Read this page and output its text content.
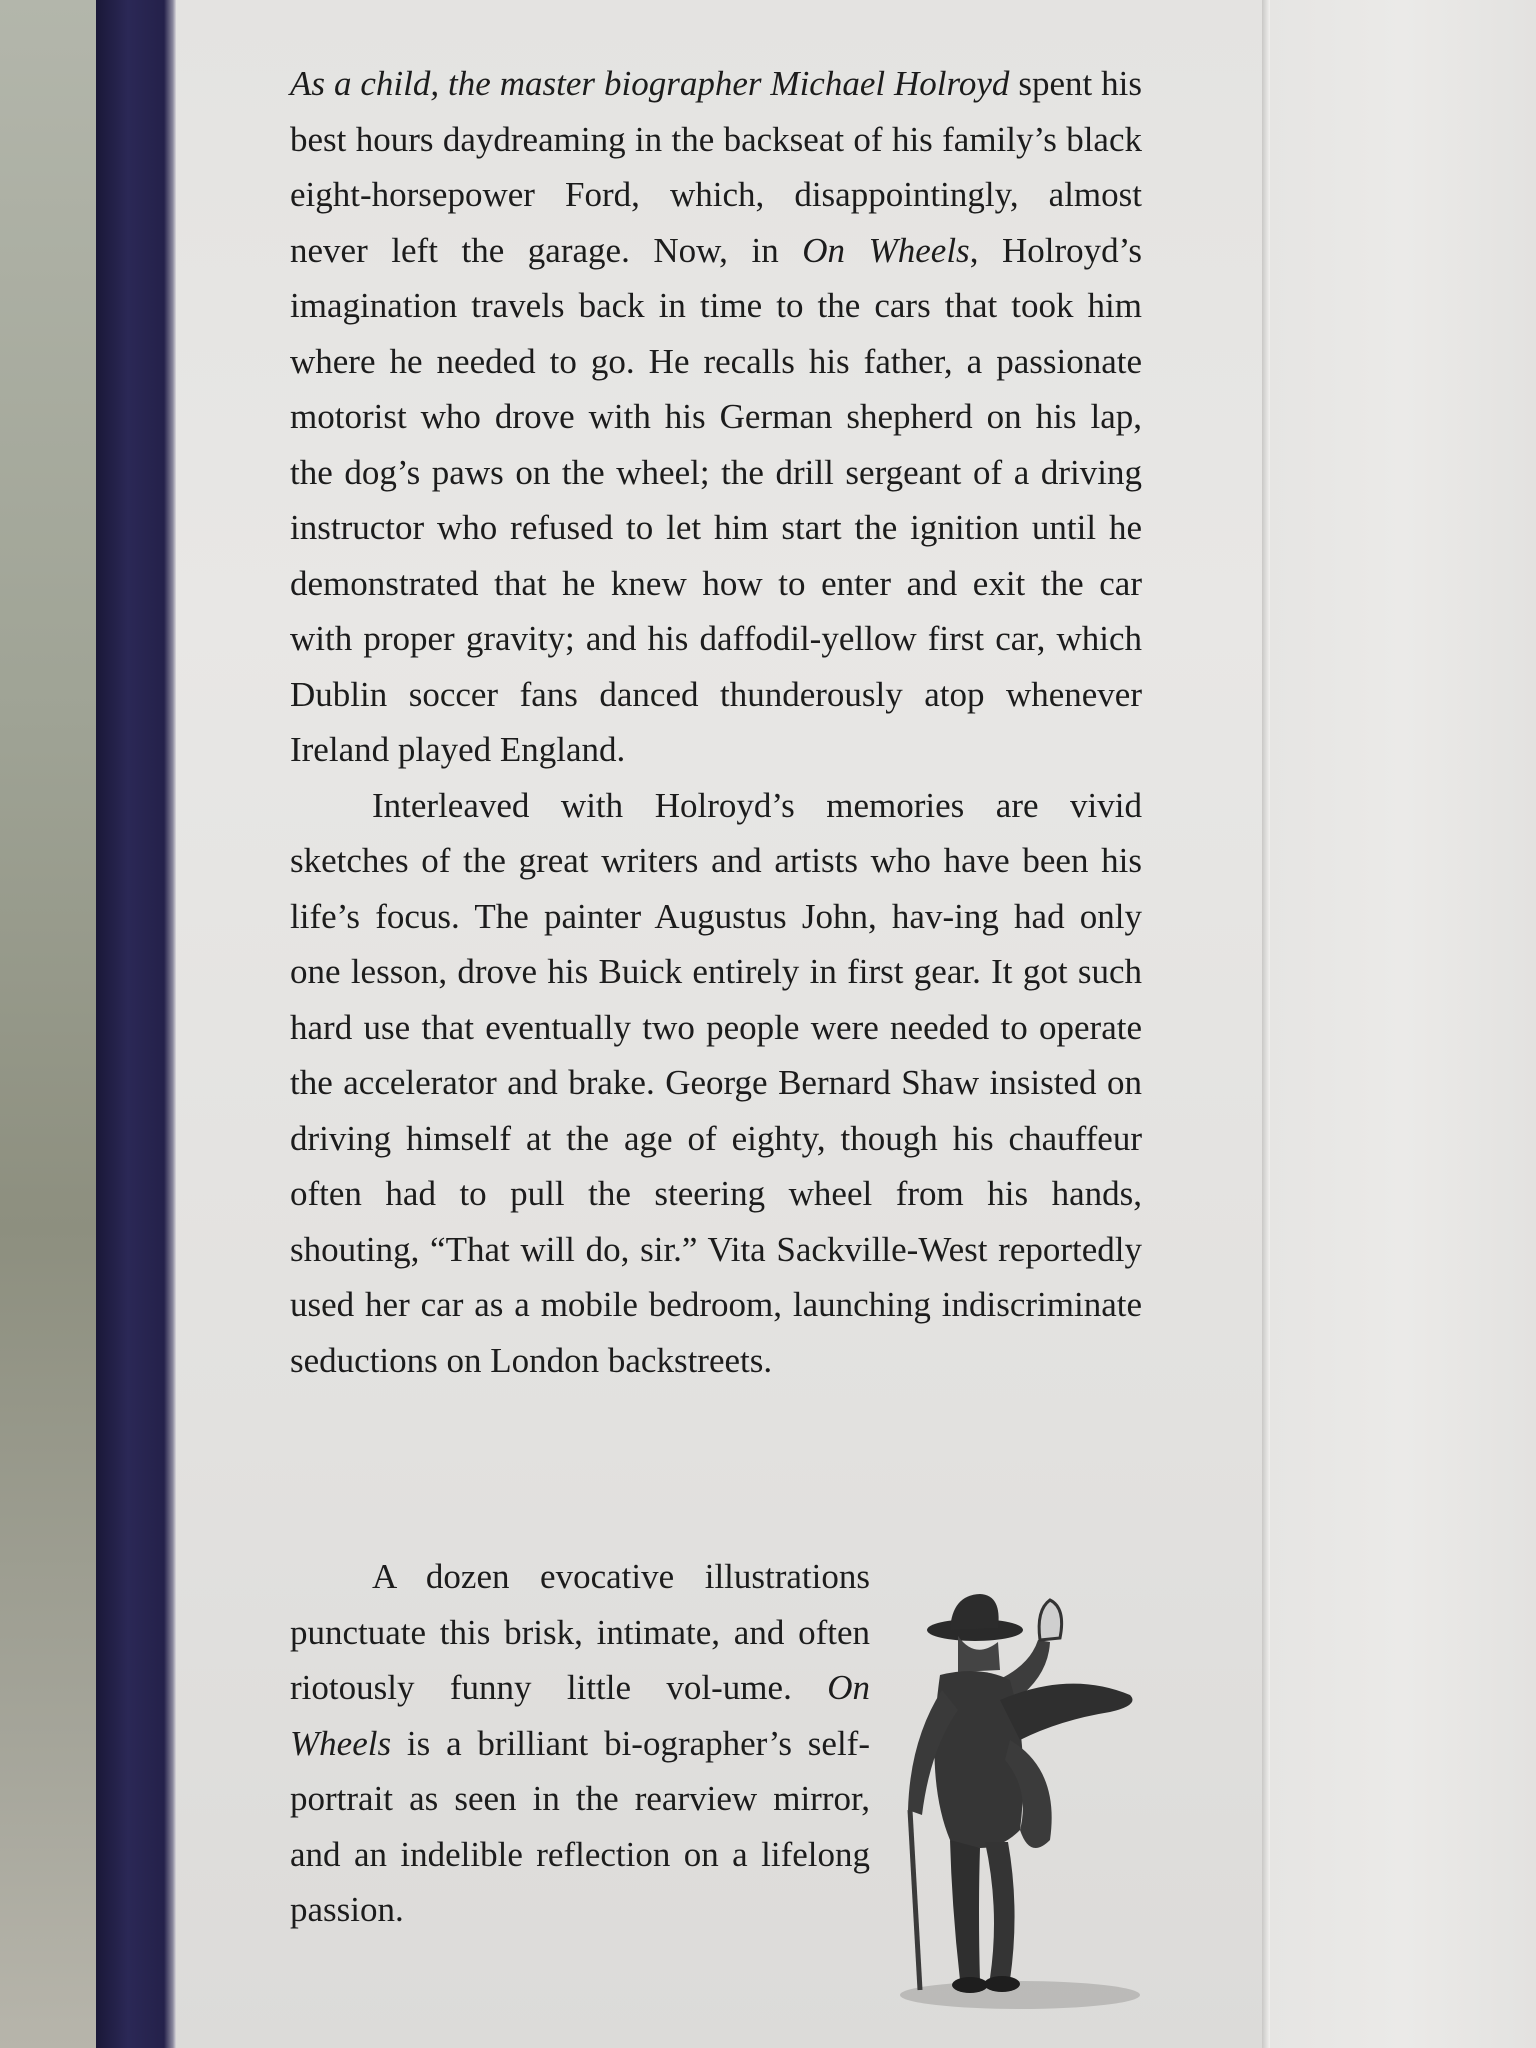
As a child, the master biographer Michael Holroyd spent his best hours daydreaming in the backseat of his family’s black eight-horsepower Ford, which, disappointingly, almost never left the garage. Now, in On Wheels, Holroyd’s imagination travels back in time to the cars that took him where he needed to go. He recalls his father, a passionate motorist who drove with his German shepherd on his lap, the dog’s paws on the wheel; the drill sergeant of a driving instructor who refused to let him start the ignition until he demonstrated that he knew how to enter and exit the car with proper gravity; and his daffodil-yellow first car, which Dublin soccer fans danced thunderously atop whenever Ireland played England.

Interleaved with Holroyd’s memories are vivid sketches of the great writers and artists who have been his life’s focus. The painter Augustus John, hav-ing had only one lesson, drove his Buick entirely in first gear. It got such hard use that eventually two people were needed to operate the accelerator and brake. George Bernard Shaw insisted on driving himself at the age of eighty, though his chauffeur often had to pull the steering wheel from his hands, shouting, “That will do, sir.” Vita Sackville-West reportedly used her car as a mobile bedroom, launching indiscriminate seductions on London backstreets.

A dozen evocative illustrations punctuate this brisk, intimate, and often riotously funny little vol-ume. On Wheels is a brilliant bi-ographer’s self-portrait as seen in the rearview mirror, and an indelible reflection on a lifelong passion.
